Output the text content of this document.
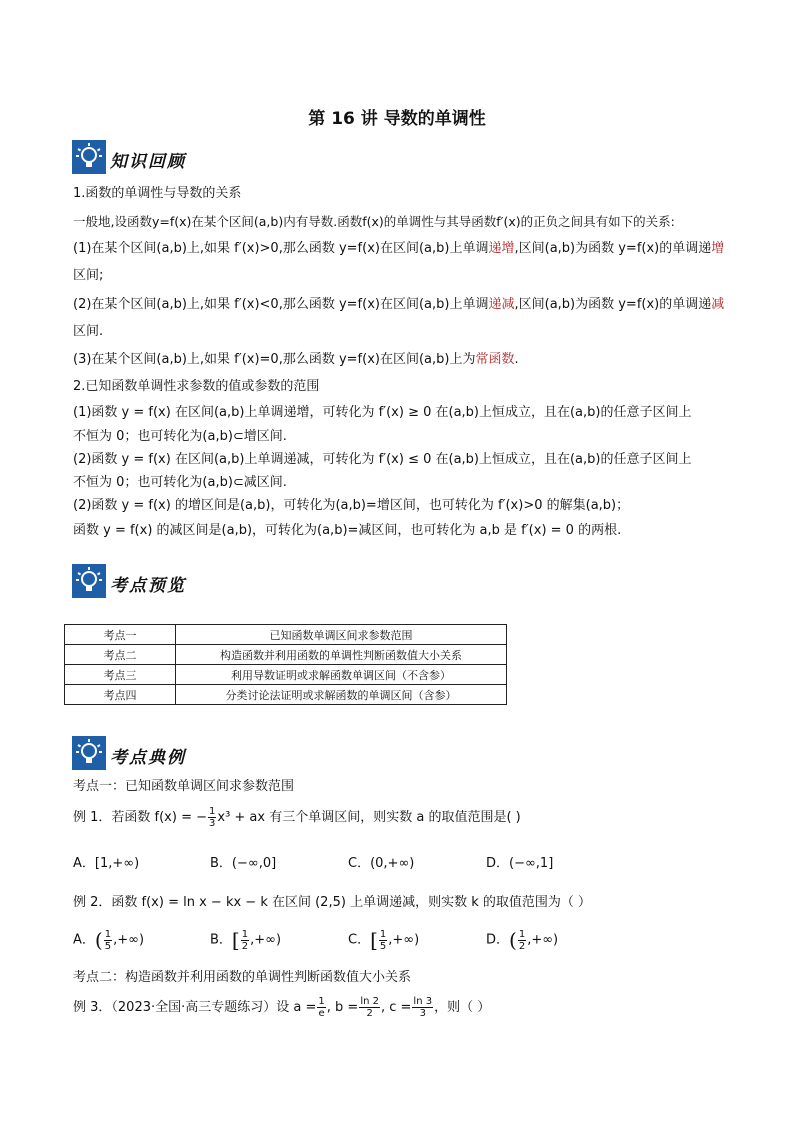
第 16 讲 导数的单调性
知识回顾
1.函数的单调性与导数的关系
一般地,设函数y=f(x)在某个区间(a,b)内有导数.函数f(x)的单调性与其导函数f′(x)的正负之间具有如下的关系:
(1)在某个区间(a,b)上,如果 f′(x)>0,那么函数 y=f(x)在区间(a,b)上单调递增,区间(a,b)为函数 y=f(x)的单调递增
区间;
(2)在某个区间(a,b)上,如果 f′(x)<0,那么函数 y=f(x)在区间(a,b)上单调递减,区间(a,b)为函数 y=f(x)的单调递减
区间.
(3)在某个区间(a,b)上,如果 f′(x)=0,那么函数 y=f(x)在区间(a,b)上为常函数.
2.已知函数单调性求参数的值或参数的范围
(1)函数 y = f(x) 在区间(a,b)上单调递增，可转化为 f′(x) ≥ 0 在(a,b)上恒成立，且在(a,b)的任意子区间上
不恒为 0；也可转化为(a,b)⊂增区间.
(2)函数 y = f(x) 在区间(a,b)上单调递减，可转化为 f′(x) ≤ 0 在(a,b)上恒成立，且在(a,b)的任意子区间上
不恒为 0；也可转化为(a,b)⊂减区间.
(2)函数 y = f(x) 的增区间是(a,b)，可转化为(a,b)=增区间，也可转化为 f′(x)>0 的解集(a,b)；
函数 y = f(x) 的减区间是(a,b)，可转化为(a,b)=减区间，也可转化为 a,b 是 f′(x) = 0 的两根.
考点预览
考点一	已知函数单调区间求参数范围
考点二	构造函数并利用函数的单调性判断函数值大小关系
考点三	利用导数证明或求解函数单调区间（不含参）
考点四	分类讨论法证明或求解函数的单调区间（含参）
考点典例
考点一：已知函数单调区间求参数范围
例 1．若函数 f(x) = − $\frac{1}{3} x^3$ + ax 有三个单调区间，则实数 a 的取值范围是( )
A．[1,+∞)	B．(−∞,0]	C．(0,+∞)	D．(−∞,1]
例 2．函数 f(x) = ln x − kx − k 在区间 (2,5) 上单调递减，则实数 k 的取值范围为（ ）
A．( $\frac{1}{5}$ ,+∞)	B．[ $\frac{1}{2}$ ,+∞)	C．[ $\frac{1}{5}$ ,+∞)	D．( $\frac{1}{2}$ ,+∞)
考点二：构造函数并利用函数的单调性判断函数值大小关系
例 3．（2023·全国·高三专题练习）设 $a = \frac{1}{e}$ , $b = \frac{\ln 2}{2}$ , $c = \frac{\ln 3}{3}$ ，则（ ）
